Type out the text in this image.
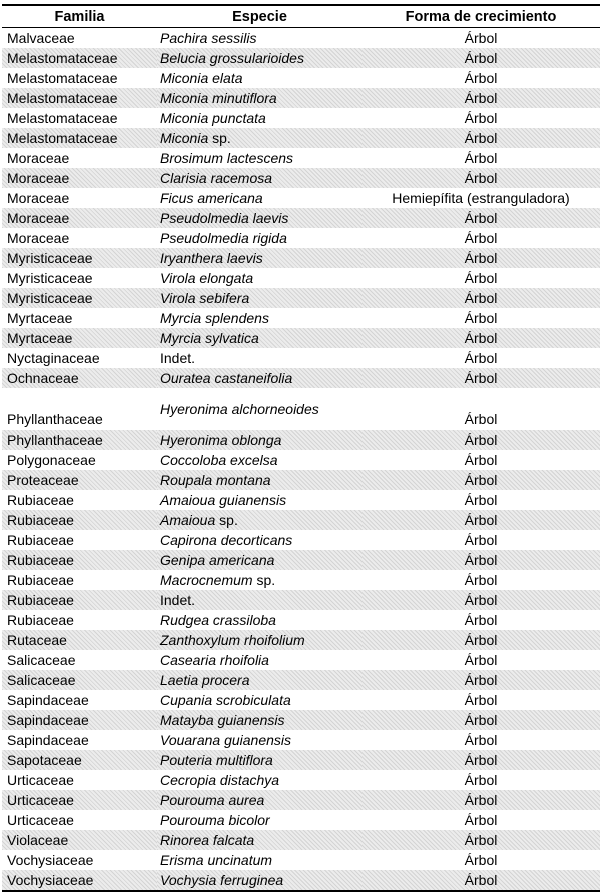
Familia	Especie	Forma de crecimiento
Malvaceae	Pachira sessilis	Árbol
Melastomataceae	Belucia grossularioides	Árbol
Melastomataceae	Miconia elata	Árbol
Melastomataceae	Miconia minutiflora	Árbol
Melastomataceae	Miconia punctata	Árbol
Melastomataceae	Miconia sp.	Árbol
Moraceae	Brosimum lactescens	Árbol
Moraceae	Clarisia racemosa	Árbol
Moraceae	Ficus americana	Hemiepífita (estranguladora)
Moraceae	Pseudolmedia laevis	Árbol
Moraceae	Pseudolmedia rigida	Árbol
Myristicaceae	Iryanthera laevis	Árbol
Myristicaceae	Virola elongata	Árbol
Myristicaceae	Virola sebifera	Árbol
Myrtaceae	Myrcia splendens	Árbol
Myrtaceae	Myrcia sylvatica	Árbol
Nyctaginaceae	Indet.	Árbol
Ochnaceae	Ouratea castaneifolia	Árbol
Phyllanthaceae	Hyeronima alchorneoides	Árbol
Phyllanthaceae	Hyeronima oblonga	Árbol
Polygonaceae	Coccoloba excelsa	Árbol
Proteaceae	Roupala montana	Árbol
Rubiaceae	Amaioua guianensis	Árbol
Rubiaceae	Amaioua sp.	Árbol
Rubiaceae	Capirona decorticans	Árbol
Rubiaceae	Genipa americana	Árbol
Rubiaceae	Macrocnemum sp.	Árbol
Rubiaceae	Indet.	Árbol
Rubiaceae	Rudgea crassiloba	Árbol
Rutaceae	Zanthoxylum rhoifolium	Árbol
Salicaceae	Casearia rhoifolia	Árbol
Salicaceae	Laetia procera	Árbol
Sapindaceae	Cupania scrobiculata	Árbol
Sapindaceae	Matayba guianensis	Árbol
Sapindaceae	Vouarana guianensis	Árbol
Sapotaceae	Pouteria multiflora	Árbol
Urticaceae	Cecropia distachya	Árbol
Urticaceae	Pourouma aurea	Árbol
Urticaceae	Pourouma bicolor	Árbol
Violaceae	Rinorea falcata	Árbol
Vochysiaceae	Erisma uncinatum	Árbol
Vochysiaceae	Vochysia ferruginea	Árbol
